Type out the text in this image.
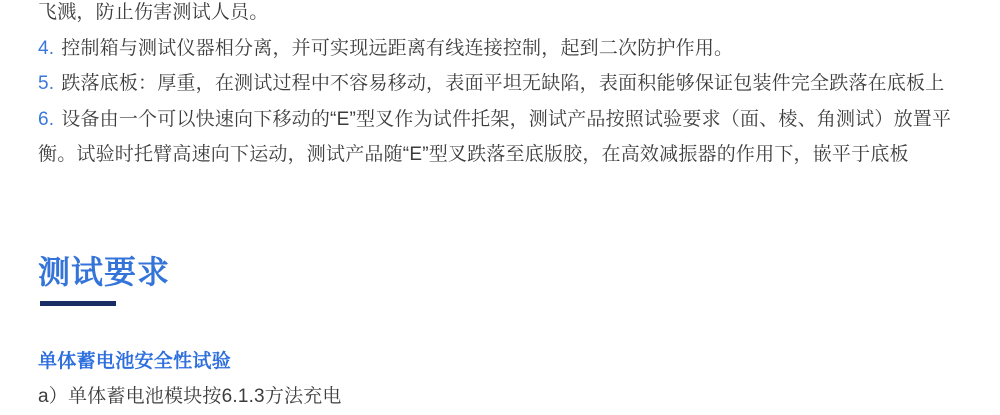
飞溅，防止伤害测试人员。

4. 控制箱与测试仪器相分离，并可实现远距离有线连接控制，起到二次防护作用。

5. 跌落底板：厚重，在测试过程中不容易移动，表面平坦无缺陷，表面积能够保证包装件完全跌落在底板上

6. 设备由一个可以快速向下移动的“E”型叉作为试件托架，测试产品按照试验要求（面、棱、角测试）放置平衡。试验时托臂高速向下运动，测试产品随“E”型叉跌落至底版胶，在高效减振器的作用下，嵌平于底板

测试要求
单体蓄电池安全性试验

a）单体蓄电池模块按6.1.3方法充电
